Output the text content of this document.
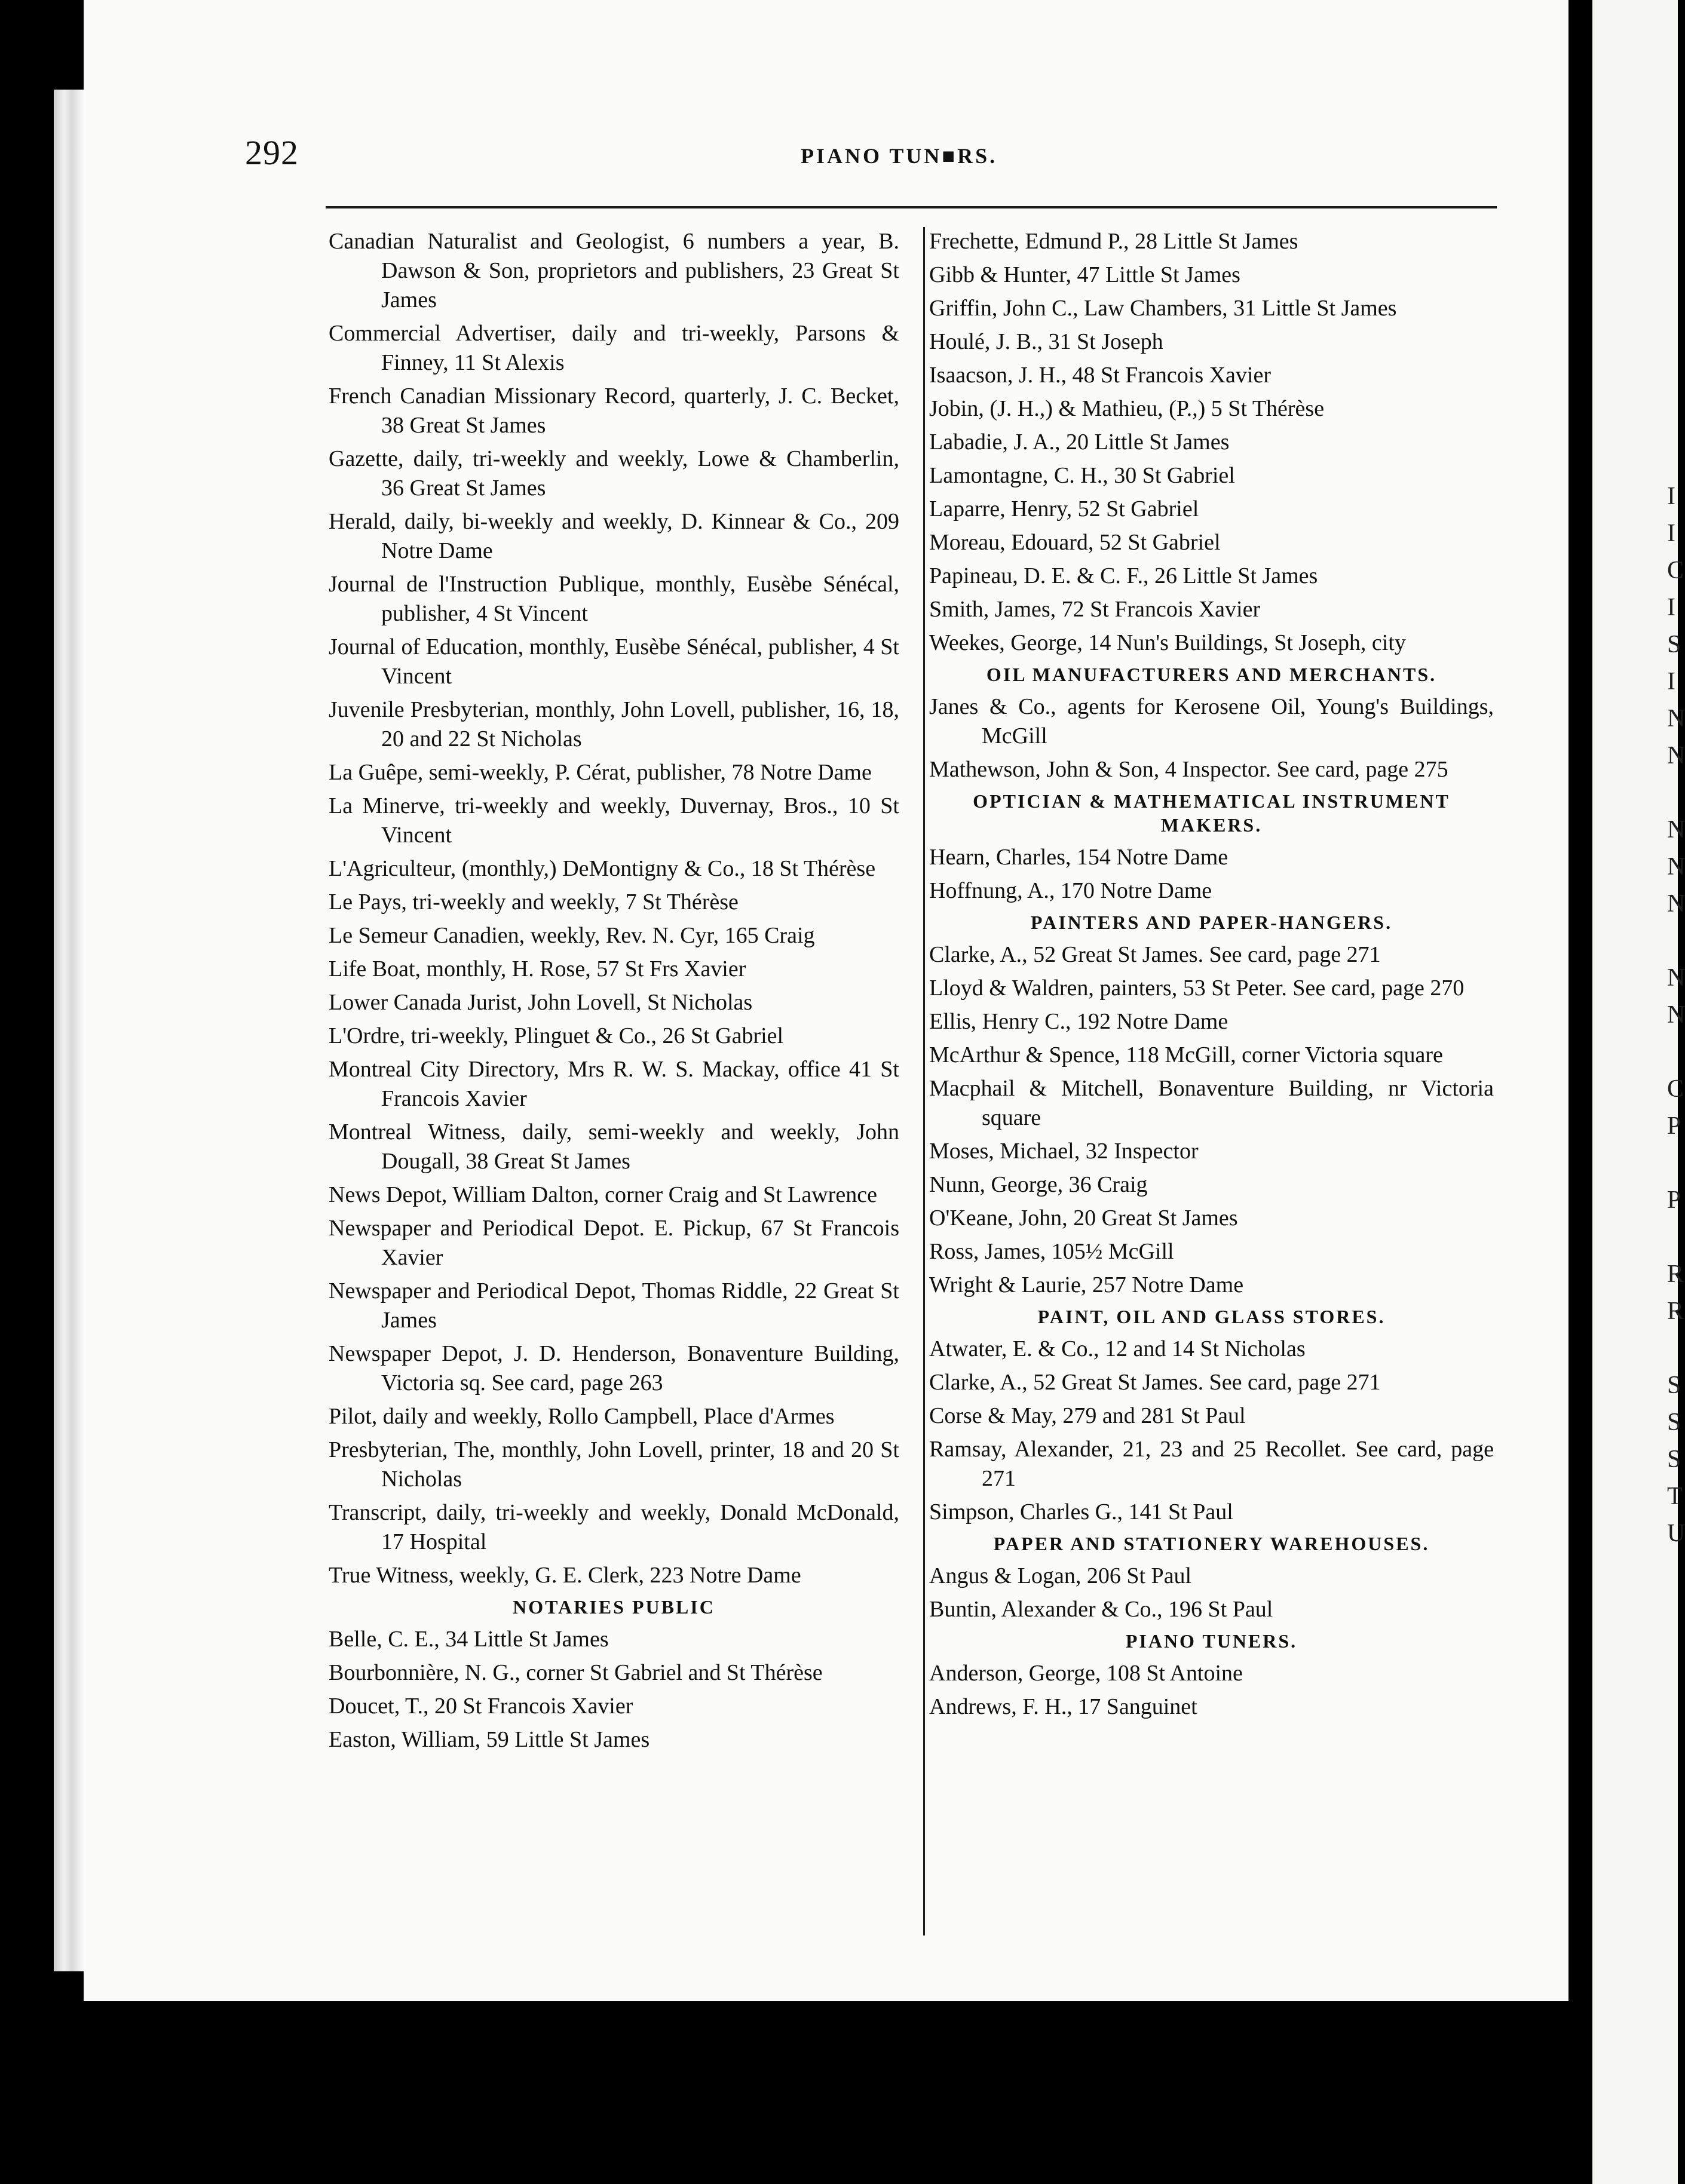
I
I
C
I
S
I
N
N
N
N
N
N
N
C
P
P
R
R
S
S
S
T
U
292	PIANO TUN■RS.
Canadian Naturalist and Geologist, 6 numbers a year, B. Dawson & Son, proprietors and publishers, 23 Great St James
Commercial Advertiser, daily and tri-weekly, Parsons & Finney, 11 St Alexis
French Canadian Missionary Record, quarterly, J. C. Becket, 38 Great St James
Gazette, daily, tri-weekly and weekly, Lowe & Chamberlin, 36 Great St James
Herald, daily, bi-weekly and weekly, D. Kinnear & Co., 209 Notre Dame
Journal de l'Instruction Publique, monthly, Eusèbe Sénécal, publisher, 4 St Vincent
Journal of Education, monthly, Eusèbe Sénécal, publisher, 4 St Vincent
Juvenile Presbyterian, monthly, John Lovell, publisher, 16, 18, 20 and 22 St Nicholas
La Guêpe, semi-weekly, P. Cérat, publisher, 78 Notre Dame
La Minerve, tri-weekly and weekly, Duvernay, Bros., 10 St Vincent
L'Agriculteur, (monthly,) DeMontigny & Co., 18 St Thérèse
Le Pays, tri-weekly and weekly, 7 St Thérèse
Le Semeur Canadien, weekly, Rev. N. Cyr, 165 Craig
Life Boat, monthly, H. Rose, 57 St Frs Xavier
Lower Canada Jurist, John Lovell, St Nicholas
L'Ordre, tri-weekly, Plinguet & Co., 26 St Gabriel
Montreal City Directory, Mrs R. W. S. Mackay, office 41 St Francois Xavier
Montreal Witness, daily, semi-weekly and weekly, John Dougall, 38 Great St James
News Depot, William Dalton, corner Craig and St Lawrence
Newspaper and Periodical Depot. E. Pickup, 67 St Francois Xavier
Newspaper and Periodical Depot, Thomas Riddle, 22 Great St James
Newspaper Depot, J. D. Henderson, Bonaventure Building, Victoria sq. See card, page 263
Pilot, daily and weekly, Rollo Campbell, Place d'Armes
Presbyterian, The, monthly, John Lovell, printer, 18 and 20 St Nicholas
Transcript, daily, tri-weekly and weekly, Donald McDonald, 17 Hospital
True Witness, weekly, G. E. Clerk, 223 Notre Dame
NOTARIES PUBLIC
Belle, C. E., 34 Little St James
Bourbonnière, N. G., corner St Gabriel and St Thérèse
Doucet, T., 20 St Francois Xavier
Easton, William, 59 Little St James
Frechette, Edmund P., 28 Little St James
Gibb & Hunter, 47 Little St James
Griffin, John C., Law Chambers, 31 Little St James
Houlé, J. B., 31 St Joseph
Isaacson, J. H., 48 St Francois Xavier
Jobin, (J. H.,) & Mathieu, (P.,) 5 St Thérèse
Labadie, J. A., 20 Little St James
Lamontagne, C. H., 30 St Gabriel
Laparre, Henry, 52 St Gabriel
Moreau, Edouard, 52 St Gabriel
Papineau, D. E. & C. F., 26 Little St James
Smith, James, 72 St Francois Xavier
Weekes, George, 14 Nun's Buildings, St Joseph, city
OIL MANUFACTURERS AND MERCHANTS.
Janes & Co., agents for Kerosene Oil, Young's Buildings, McGill
Mathewson, John & Son, 4 Inspector. See card, page 275
OPTICIAN & MATHEMATICAL INSTRUMENT MAKERS.
Hearn, Charles, 154 Notre Dame
Hoffnung, A., 170 Notre Dame
PAINTERS AND PAPER-HANGERS.
Clarke, A., 52 Great St James. See card, page 271
Lloyd & Waldren, painters, 53 St Peter. See card, page 270
Ellis, Henry C., 192 Notre Dame
McArthur & Spence, 118 McGill, corner Victoria square
Macphail & Mitchell, Bonaventure Building, nr Victoria square
Moses, Michael, 32 Inspector
Nunn, George, 36 Craig
O'Keane, John, 20 Great St James
Ross, James, 105½ McGill
Wright & Laurie, 257 Notre Dame
PAINT, OIL AND GLASS STORES.
Atwater, E. & Co., 12 and 14 St Nicholas
Clarke, A., 52 Great St James. See card, page 271
Corse & May, 279 and 281 St Paul
Ramsay, Alexander, 21, 23 and 25 Recollet. See card, page 271
Simpson, Charles G., 141 St Paul
PAPER AND STATIONERY WAREHOUSES.
Angus & Logan, 206 St Paul
Buntin, Alexander & Co., 196 St Paul
PIANO TUNERS.
Anderson, George, 108 St Antoine
Andrews, F. H., 17 Sanguinet
